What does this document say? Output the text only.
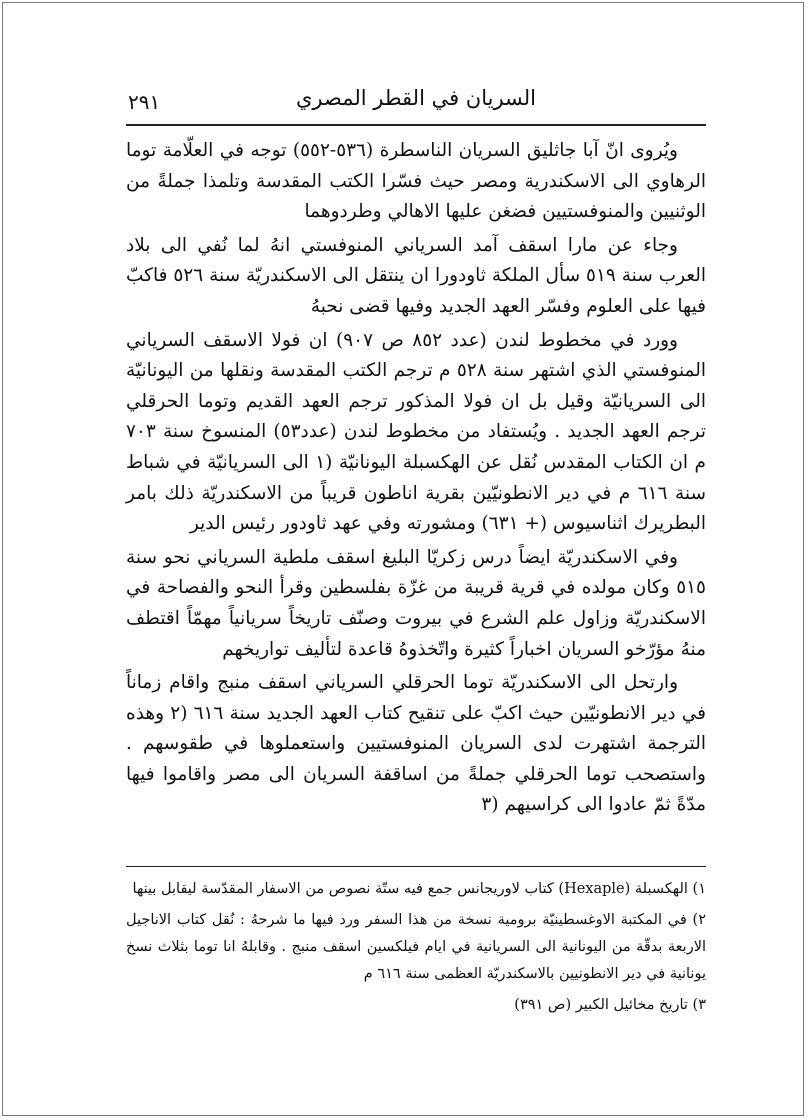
٢٩١	السريان في القطر المصري

ويُروى انّ آبا جاثليق السريان الناسطرة (٥٣٦-٥٥٢) توجه في العلّامة توما الرهاوي الى الاسكندرية ومصر حيث فسّرا الكتب المقدسة وتلمذا جملةً من الوثنيين والمنوفستيين فضغن عليها الاهالي وطردوهما

وجاء عن مارا اسقف آمد السرياني المنوفستي انهُ لما نُفي الى بلاد العرب سنة ٥١٩ سأل الملكة ثاودورا ان ينتقل الى الاسكندريّة سنة ٥٢٦ فاكبّ فيها على العلوم وفسّر العهد الجديد وفيها قضى نحبهُ

وورد في مخطوط لندن (عدد ٨٥٢ ص ٩٠٧) ان فولا الاسقف السرياني المنوفستي الذي اشتهر سنة ٥٢٨ م ترجم الكتب المقدسة ونقلها من اليونانيّة الى السريانيّة وقيل بل ان فولا المذكور ترجم العهد القديم وتوما الحرقلي ترجم العهد الجديد . ويُستفاد من مخطوط لندن (عدد٥٣) المنسوخ سنة ٧٠٣ م ان الكتاب المقدس نُقل عن الهكسبلة اليونانيّة (١ الى السريانيّة في شباط سنة ٦١٦ م في دير الانطونيّين بقرية اناطون قريباً من الاسكندريّة ذلك بامر البطريرك اثناسيوس (+ ٦٣١) ومشورته وفي عهد ثاودور رئيس الدير

وفي الاسكندريّة ايضاً درس زكريّا البليغ اسقف ملطية السرياني نحو سنة ٥١٥ وكان مولده في قرية قريبة من غزّة بفلسطين وقرأ النحو والفصاحة في الاسكندريّة وزاول علم الشرع في بيروت وصنّف تاريخاً سريانياً مهمّاً اقتطف منهُ مؤرّخو السريان اخباراً كثيرة واتّخذوهُ قاعدة لتأليف تواريخهم

وارتحل الى الاسكندريّة توما الحرقلي السرياني اسقف منبج واقام زماناً في دير الانطونيّين حيث اكبّ على تنقيح كتاب العهد الجديد سنة ٦١٦ (٢ وهذه الترجمة اشتهرت لدى السريان المنوفستيين واستعملوها في طقوسهم . واستصحب توما الحرقلي جملةً من اساقفة السريان الى مصر واقاموا فيها مدّةً ثمّ عادوا الى كراسيهم (٣

١) الهكسبلة (Hexaple) كتاب لاوريجانس جمع فيه ستّة نصوص من الاسفار المقدّسة ليقابل بينها

٢) في المكتبة الاوغسطينيّة برومية نسخة من هذا السفر ورد فيها ما شرحهُ : نُقل كتاب الاناجيل الاربعة بدقّة من اليونانية الى السريانية في ايام فيلكسين اسقف منبج . وقابلهُ انا توما بثلاث نسخ يونانية في دير الانطونيين بالاسكندريّة العظمى سنة ٦١٦ م

٣) تاريخ مخائيل الكبير (ص ٣٩١)
